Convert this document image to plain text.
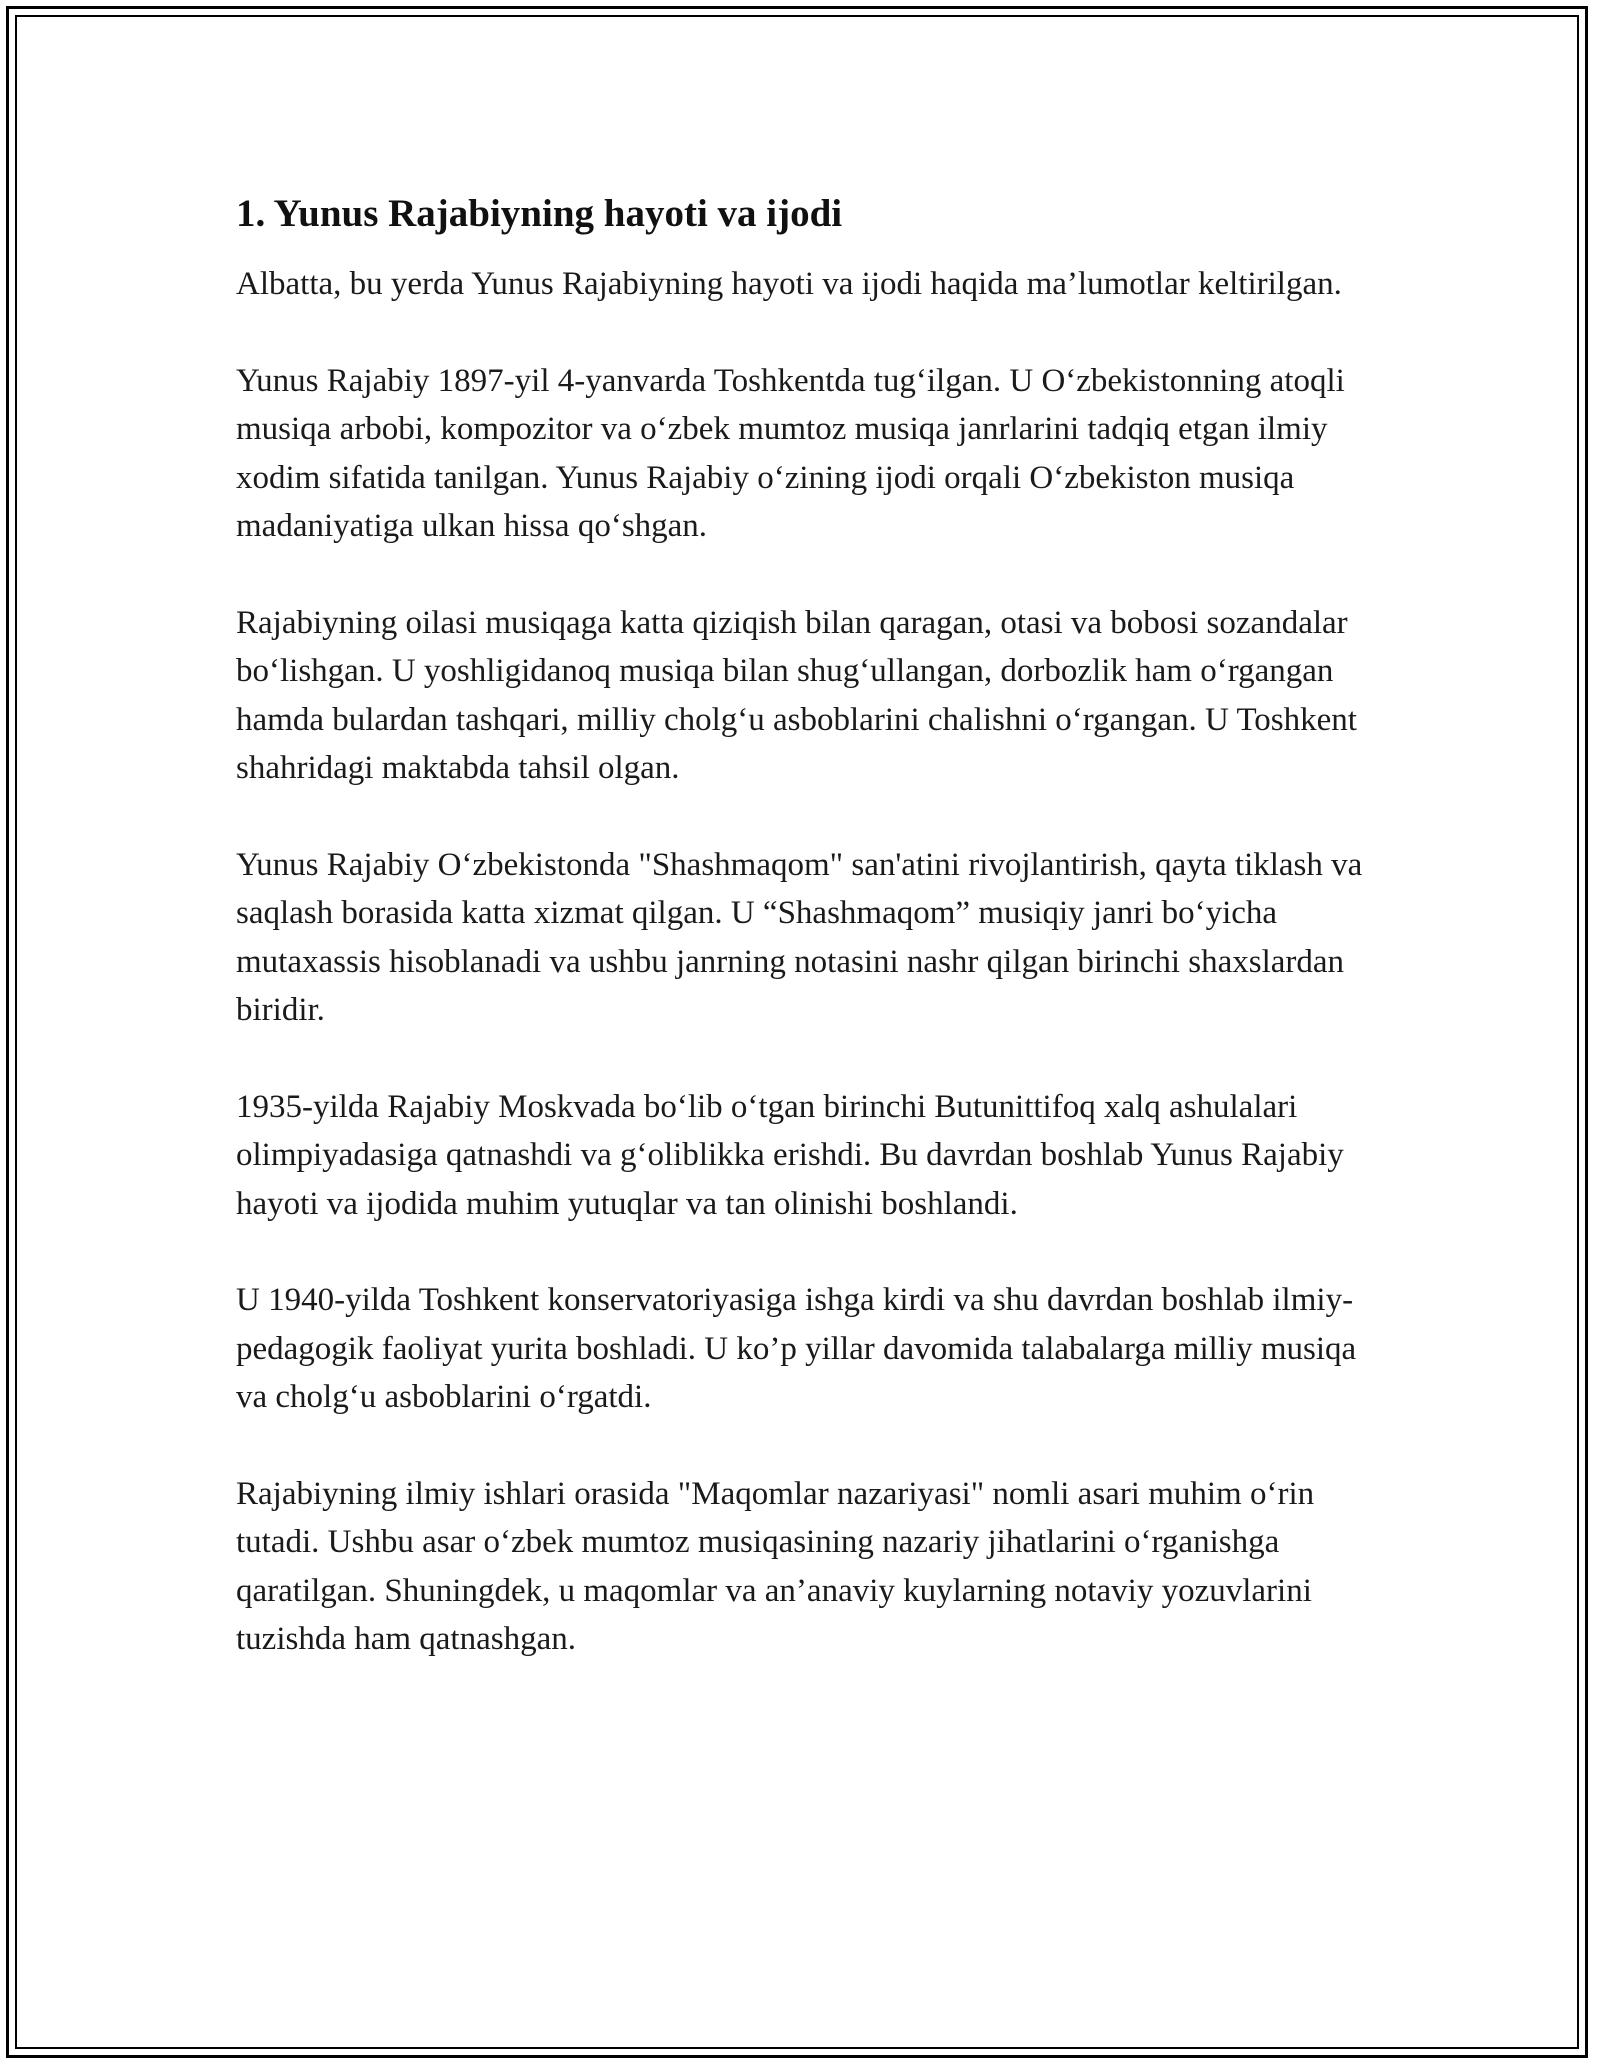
1. Yunus Rajabiyning hayoti va ijodi

Albatta, bu yerda Yunus Rajabiyning hayoti va ijodi haqida ma’lumotlar keltirilgan.

Yunus Rajabiy 1897-yil 4-yanvarda Toshkentda tug‘ilgan. U O‘zbekistonning atoqli musiqa arbobi, kompozitor va o‘zbek mumtoz musiqa janrlarini tadqiq etgan ilmiy xodim sifatida tanilgan. Yunus Rajabiy o‘zining ijodi orqali O‘zbekiston musiqa madaniyatiga ulkan hissa qo‘shgan.

Rajabiyning oilasi musiqaga katta qiziqish bilan qaragan, otasi va bobosi sozandalar bo‘lishgan. U yoshligidanoq musiqa bilan shug‘ullangan, dorbozlik ham o‘rgangan hamda bulardan tashqari, milliy cholg‘u asboblarini chalishni o‘rgangan. U Toshkent shahridagi maktabda tahsil olgan.

Yunus Rajabiy O‘zbekistonda "Shashmaqom" san'atini rivojlantirish, qayta tiklash va saqlash borasida katta xizmat qilgan. U “Shashmaqom” musiqiy janri bo‘yicha mutaxassis hisoblanadi va ushbu janrning notasini nashr qilgan birinchi shaxslardan biridir.

1935-yilda Rajabiy Moskvada bo‘lib o‘tgan birinchi Butunittifoq xalq ashulalari olimpiyadasiga qatnashdi va g‘oliblikka erishdi. Bu davrdan boshlab Yunus Rajabiy hayoti va ijodida muhim yutuqlar va tan olinishi boshlandi.

U 1940-yilda Toshkent konservatoriyasiga ishga kirdi va shu davrdan boshlab ilmiy-pedagogik faoliyat yurita boshladi. U ko’p yillar davomida talabalarga milliy musiqa va cholg‘u asboblarini o‘rgatdi.

Rajabiyning ilmiy ishlari orasida "Maqomlar nazariyasi" nomli asari muhim o‘rin tutadi. Ushbu asar o‘zbek mumtoz musiqasining nazariy jihatlarini o‘rganishga qaratilgan. Shuningdek, u maqomlar va an’anaviy kuylarning notaviy yozuvlarini tuzishda ham qatnashgan.
